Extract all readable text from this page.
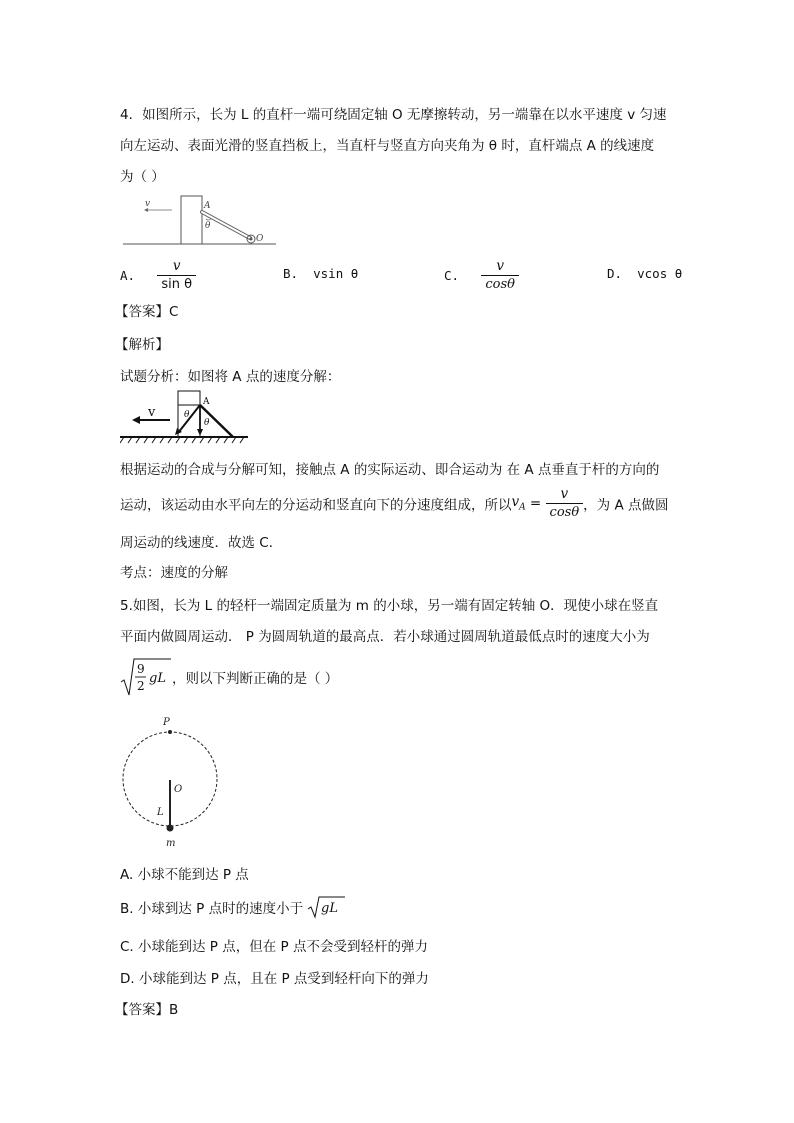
4．如图所示，长为 L 的直杆一端可绕固定轴 O 无摩擦转动，另一端靠在以水平速度 v 匀速
向左运动、表面光滑的竖直挡板上，当直杆与竖直方向夹角为 θ 时，直杆端点 A 的线速度
为（ ）
v	A
θ
O
A. $\frac{v}{\text{sin θ}}$	B. vsin θ	C. $\frac{v}{\cos\theta}$	D. vcos θ
【答案】C
【解析】
试题分析：如图将 A 点的速度分解：
v
A
θ
θ
根据运动的合成与分解可知，接触点 A 的实际运动、即合运动为 在 A 点垂直于杆的方向的
运动，该运动由水平向左的分运动和竖直向下的分速度组成，所以$v_A = \frac{v}{\cos\theta}$ ，为 A 点做圆
周运动的线速度．故选 C．
考点：速度的分解
5.如图，长为 L 的轻杆一端固定质量为 m 的小球，另一端有固定转轴 O．现使小球在竖直
平面内做圆周运动． P 为圆周轨道的最高点．若小球通过圆周轨道最低点时的速度大小为
9
2 gL ，则以下判断正确的是（ ）
P
O
L
m
A. 小球不能到达 P 点
B. 小球到达 P 点时的速度小于 gL
C. 小球能到达 P 点，但在 P 点不会受到轻杆的弹力
D. 小球能到达 P 点，且在 P 点受到轻杆向下的弹力
【答案】B
